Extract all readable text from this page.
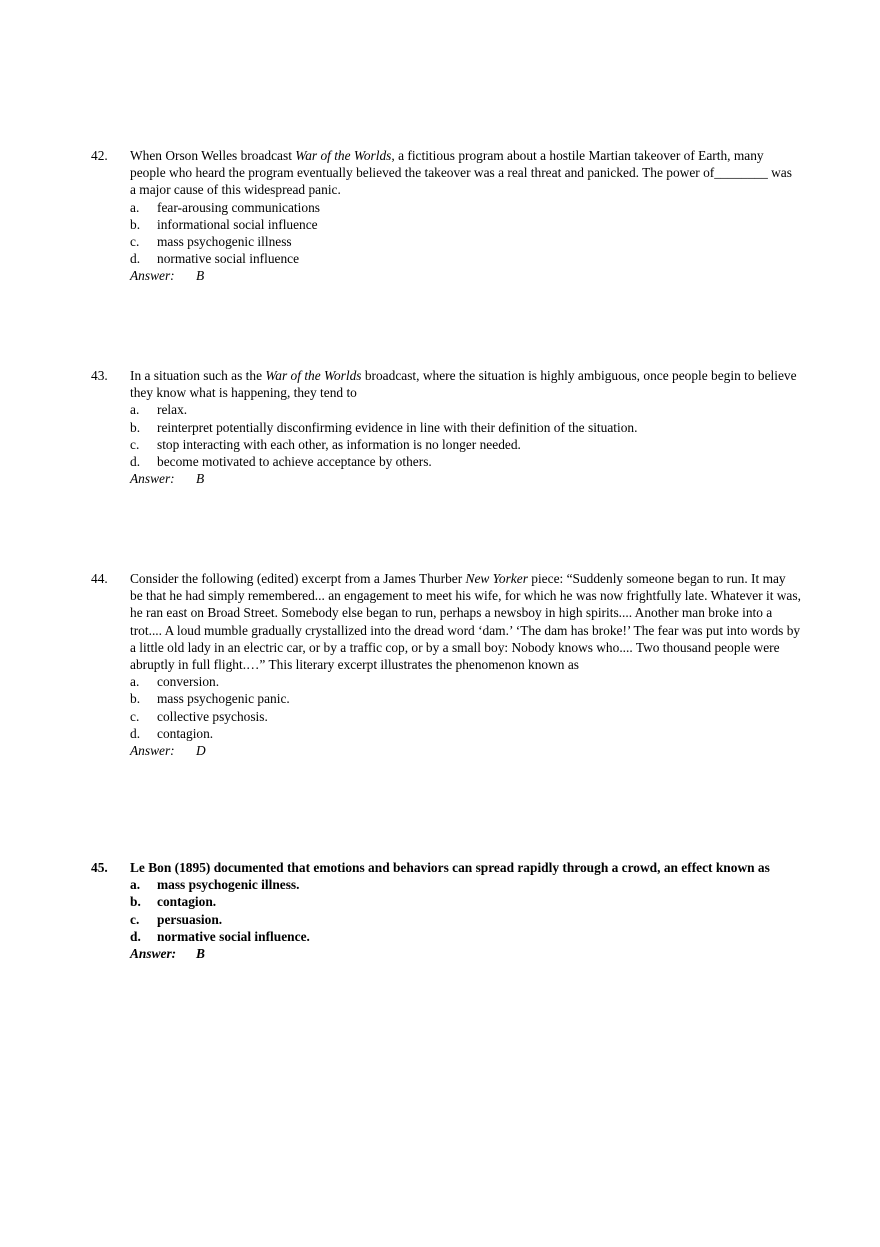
42. When Orson Welles broadcast War of the Worlds, a fictitious program about a hostile Martian takeover of Earth, many people who heard the program eventually believed the takeover was a real threat and panicked. The power of________ was a major cause of this widespread panic.
a. fear-arousing communications
b. informational social influence
c. mass psychogenic illness
d. normative social influence
Answer: B
43. In a situation such as the War of the Worlds broadcast, where the situation is highly ambiguous, once people begin to believe they know what is happening, they tend to
a. relax.
b. reinterpret potentially disconfirming evidence in line with their definition of the situation.
c. stop interacting with each other, as information is no longer needed.
d. become motivated to achieve acceptance by others.
Answer: B
44. Consider the following (edited) excerpt from a James Thurber New Yorker piece: “Suddenly someone began to run. It may be that he had simply remembered... an engagement to meet his wife, for which he was now frightfully late. Whatever it was, he ran east on Broad Street. Somebody else began to run, perhaps a newsboy in high spirits.... Another man broke into a trot.... A loud mumble gradually crystallized into the dread word ‘dam.’ ‘The dam has broke!’ The fear was put into words by a little old lady in an electric car, or by a traffic cop, or by a small boy: Nobody knows who.... Two thousand people were abruptly in full flight.…” This literary excerpt illustrates the phenomenon known as
a. conversion.
b. mass psychogenic panic.
c. collective psychosis.
d. contagion.
Answer: D
45. Le Bon (1895) documented that emotions and behaviors can spread rapidly through a crowd, an effect known as
a. mass psychogenic illness.
b. contagion.
c. persuasion.
d. normative social influence.
Answer: B
